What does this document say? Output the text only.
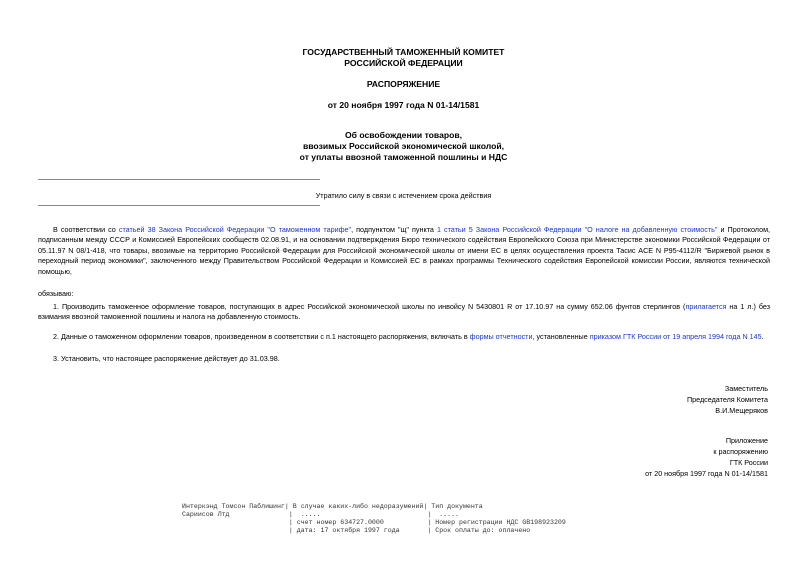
ГОСУДАРСТВЕННЫЙ ТАМОЖЕННЫЙ КОМИТЕТ
РОССИЙСКОЙ ФЕДЕРАЦИИ
РАСПОРЯЖЕНИЕ
от 20 ноября 1997 года N 01-14/1581
Об освобождении товаров,
ввозимых Российской экономической школой,
от уплаты ввозной таможенной пошлины и НДС
Утратило силу в связи с истечением срока действия
В соответствии со статьей 38 Закона Российской Федерации "О таможенном тарифе", подпунктом "щ" пункта 1 статьи 5 Закона Российской Федерации "О налоге на добавленную стоимость" и Протоколом, подписанным между СССР и Комиссией Европейских сообществ 02.08.91, и на основании подтверждения Бюро технического содействия Европейского Союза при Министерстве экономики Российской Федерации от 05.11.97 N 08/1-418, что товары, ввозимые на территорию Российской Федерации для Российской экономической школы от имени ЕС в целях осуществления проекта Тасис ACE N P95-4112/R "Биржевой рынок в переходный период экономики", заключенного между Правительством Российской Федерации и Комиссией ЕС в рамках программы Технического содействия Европейской комиссии России, являются технической помощью,
обязываю:
1. Производить таможенное оформление товаров, поступающих в адрес Российской экономической школы по инвойсу N 5430801 R от 17.10.97 на сумму 652.06 фунтов стерлингов (прилагается на 1 л.) без взимания ввозной таможенной пошлины и налога на добавленную стоимость.
2. Данные о таможенном оформлении товаров, произведенном в соответствии с п.1 настоящего распоряжения, включать в формы отчетности, установленные приказом ГТК России от 19 апреля 1994 года N 145.
3. Установить, что настоящее распоряжение действует до 31.03.98.
Заместитель
Председателя Комитета
В.И.Мещеряков
Приложение
к распоряжению
ГТК России
от 20 ноября 1997 года N 01-14/1581
Интеркэнд Томсон Паблишинг| В случае каких-либо недоразумений| Тип документа
Сариисов Лтд               |  .....                           |  .....
| счет номер 634727.0000           | Номер регистрации НДС GB198923209
| дата: 17 октября 1997 года       | Срок оплаты до: оплачено
